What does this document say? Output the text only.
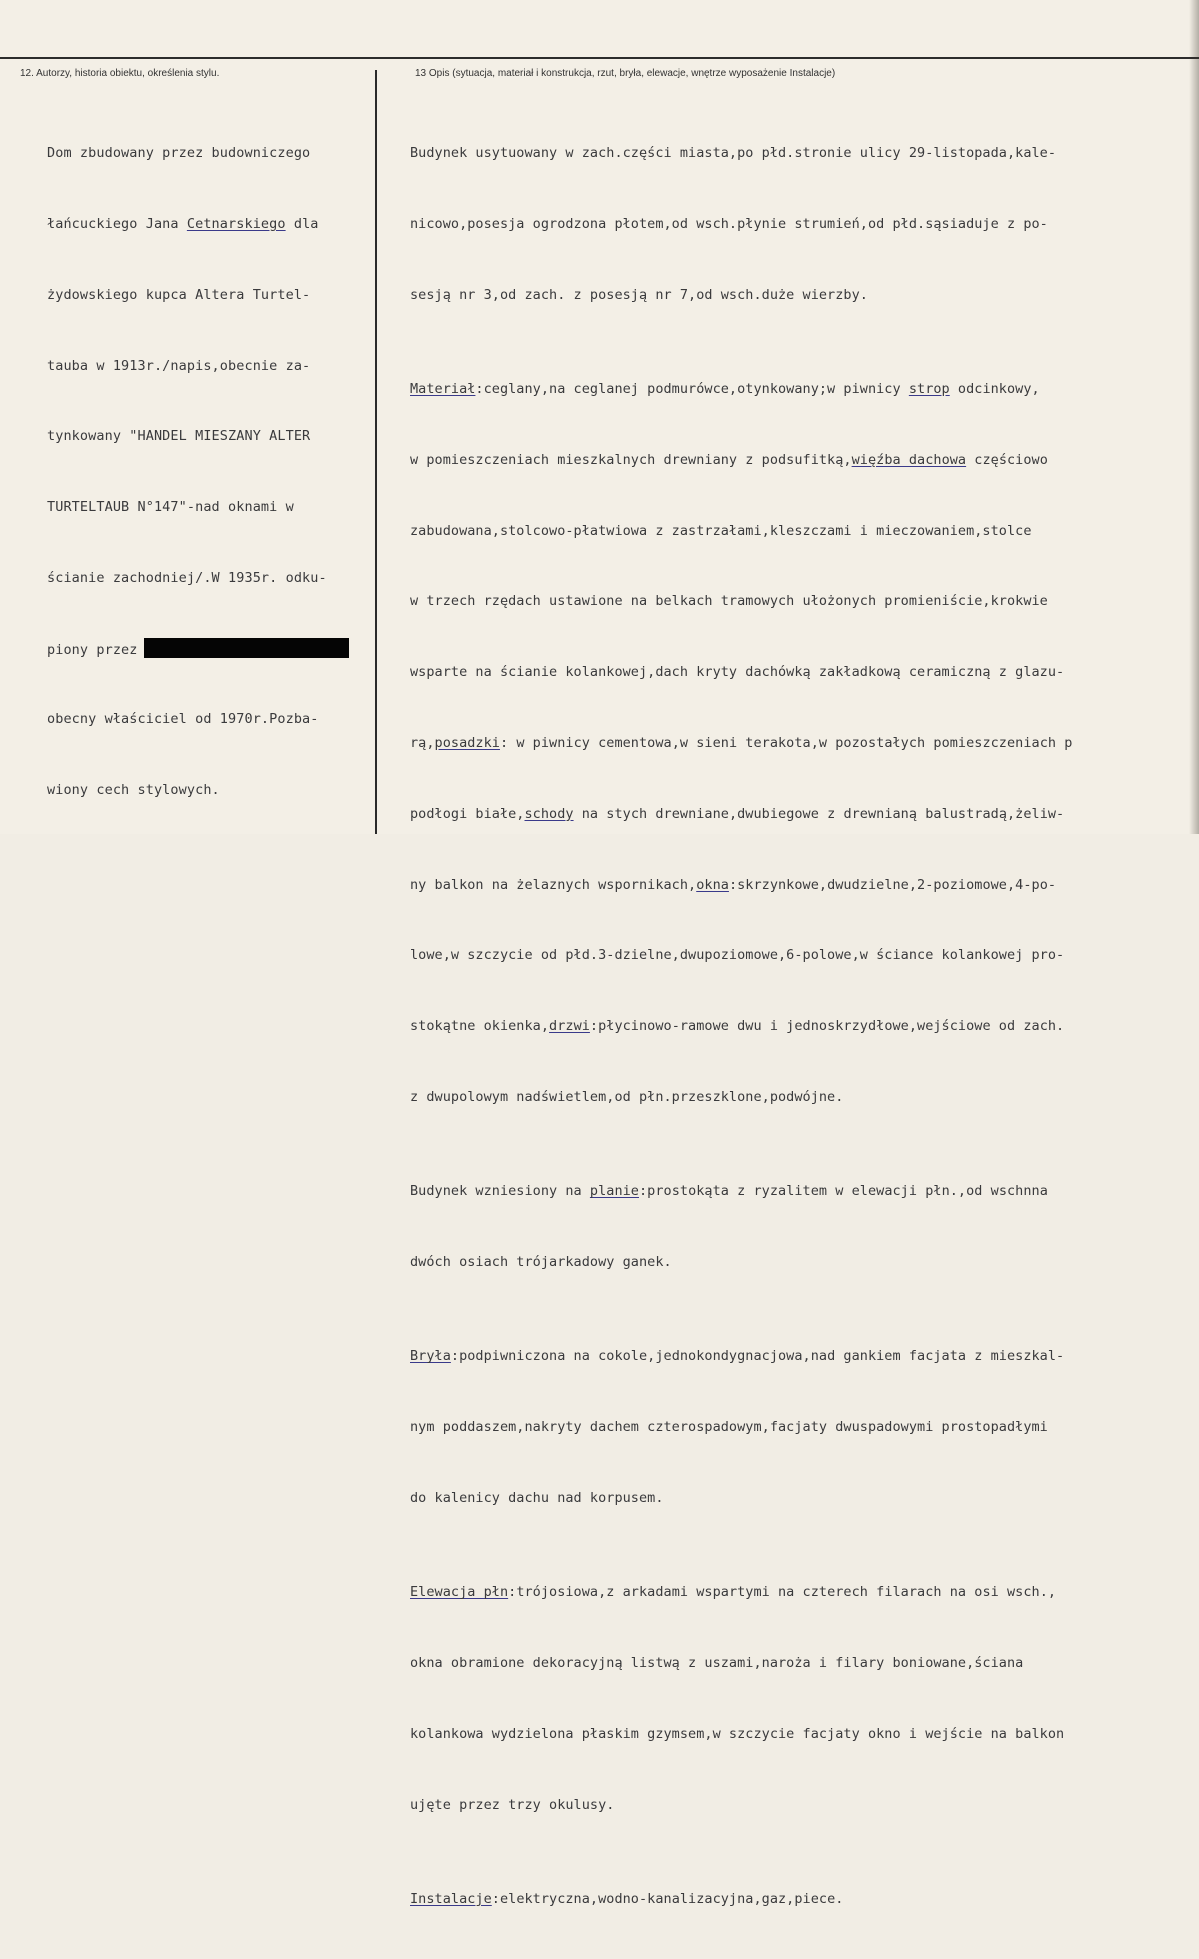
12. Autorzy, historia obiektu, określenia stylu.	13 Opis (sytuacja, materiał i konstrukcja, rzut, bryła, elewacje, wnętrze wyposażenie Instalacje)

Dom zbudowany przez budowniczego

łańcuckiego Jana Cetnarskiego dla

żydowskiego kupca Altera Turtel-

tauba w 1913r./napis,obecnie za-

tynkowany "HANDEL MIESZANY ALTER

TURTELTAUB N°147"-nad oknami w

ścianie zachodniej/.W 1935r. odku-

piony przez

obecny właściciel od 1970r.Pozba-

wiony cech stylowych.

Budynek usytuowany w zach.części miasta,po płd.stronie ulicy 29-listopada,kale-

nicowo,posesja ogrodzona płotem,od wsch.płynie strumień,od płd.sąsiaduje z po-

sesją nr 3,od zach. z posesją nr 7,od wsch.duże wierzby.

Materiał:ceglany,na ceglanej podmurówce,otynkowany;w piwnicy strop odcinkowy,

w pomieszczeniach mieszkalnych drewniany z podsufitką,więźba dachowa częściowo

zabudowana,stolcowo-płatwiowa z zastrzałami,kleszczami i mieczowaniem,stolce

w trzech rzędach ustawione na belkach tramowych ułożonych promieniście,krokwie

wsparte na ścianie kolankowej,dach kryty dachówką zakładkową ceramiczną z glazu-

rą,posadzki: w piwnicy cementowa,w sieni terakota,w pozostałych pomieszczeniach p

podłogi białe,schody na stych drewniane,dwubiegowe z drewnianą balustradą,żeliw-

ny balkon na żelaznych wspornikach,okna:skrzynkowe,dwudzielne,2-poziomowe,4-po-

lowe,w szczycie od płd.3-dzielne,dwupoziomowe,6-polowe,w ściance kolankowej pro-

stokątne okienka,drzwi:płycinowo-ramowe dwu i jednoskrzydłowe,wejściowe od zach.

z dwupolowym nadświetlem,od płn.przeszklone,podwójne.

Budynek wzniesiony na planie:prostokąta z ryzalitem w elewacji płn.,od wschnna

dwóch osiach trójarkadowy ganek.

Bryła:podpiwniczona na cokole,jednokondygnacjowa,nad gankiem facjata z mieszkal-

nym poddaszem,nakryty dachem czterospadowym,facjaty dwuspadowymi prostopadłymi

do kalenicy dachu nad korpusem.

Elewacja płn:trójosiowa,z arkadami wspartymi na czterech filarach na osi wsch.,

okna obramione dekoracyjną listwą z uszami,naroża i filary boniowane,ściana

kolankowa wydzielona płaskim gzymsem,w szczycie facjaty okno i wejście na balkon

ujęte przez trzy okulusy.

Instalacje:elektryczna,wodno-kanalizacyjna,gaz,piece.
